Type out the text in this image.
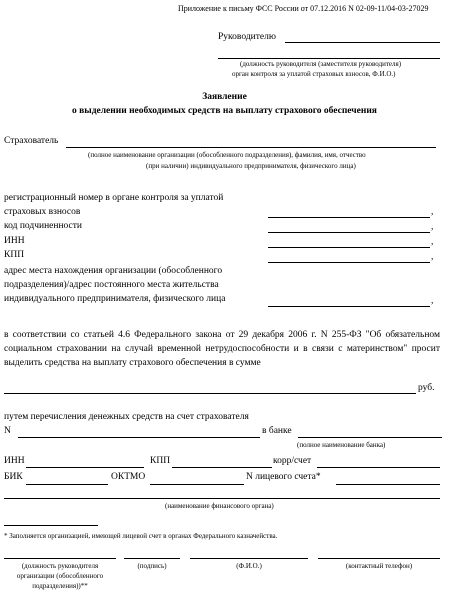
Приложение к письму ФСС России от 07.12.2016 N 02-09-11/04-03-27029
Руководителю
(должность руководителя (заместителя руководителя)
орган контроля за уплатой страховых взносов, Ф.И.О.)
Заявление
о выделении необходимых средств на выплату страхового обеспечения
Страхователь
(полное наименование организации (обособленного подразделения), фамилия, имя, отчество
(при наличии) индивидуального предпринимателя, физического лица)
регистрационный номер в органе контроля за уплатой
страховых взносов	,
код подчиненности	,
ИНН	,
КПП	,
адрес места нахождения организации (обособленного
подразделения)/адрес постоянного места жительства
индивидуального предпринимателя, физического лица	,
в соответствии со статьей 4.6 Федерального закона от 29 декабря 2006 г. N 255-ФЗ "Об обязательном социальном страховании на случай временной нетрудоспособности и в связи с материнством" просит выделить средства на выплату страхового обеспечения в сумме
руб.
путем перечисления денежных средств на счет страхователя
N	в банке
(полное наименование банка)
ИНН	КПП	корр/счет
БИК	ОКТМО	N лицевого счета*
(наименование финансового органа)
* Заполняется организацией, имеющей лицевой счет в органах Федерального казначейства.
(должность руководителя
организации (обособленного
подразделения))**
(подпись)	(Ф.И.О.)	(контактный телефон)
